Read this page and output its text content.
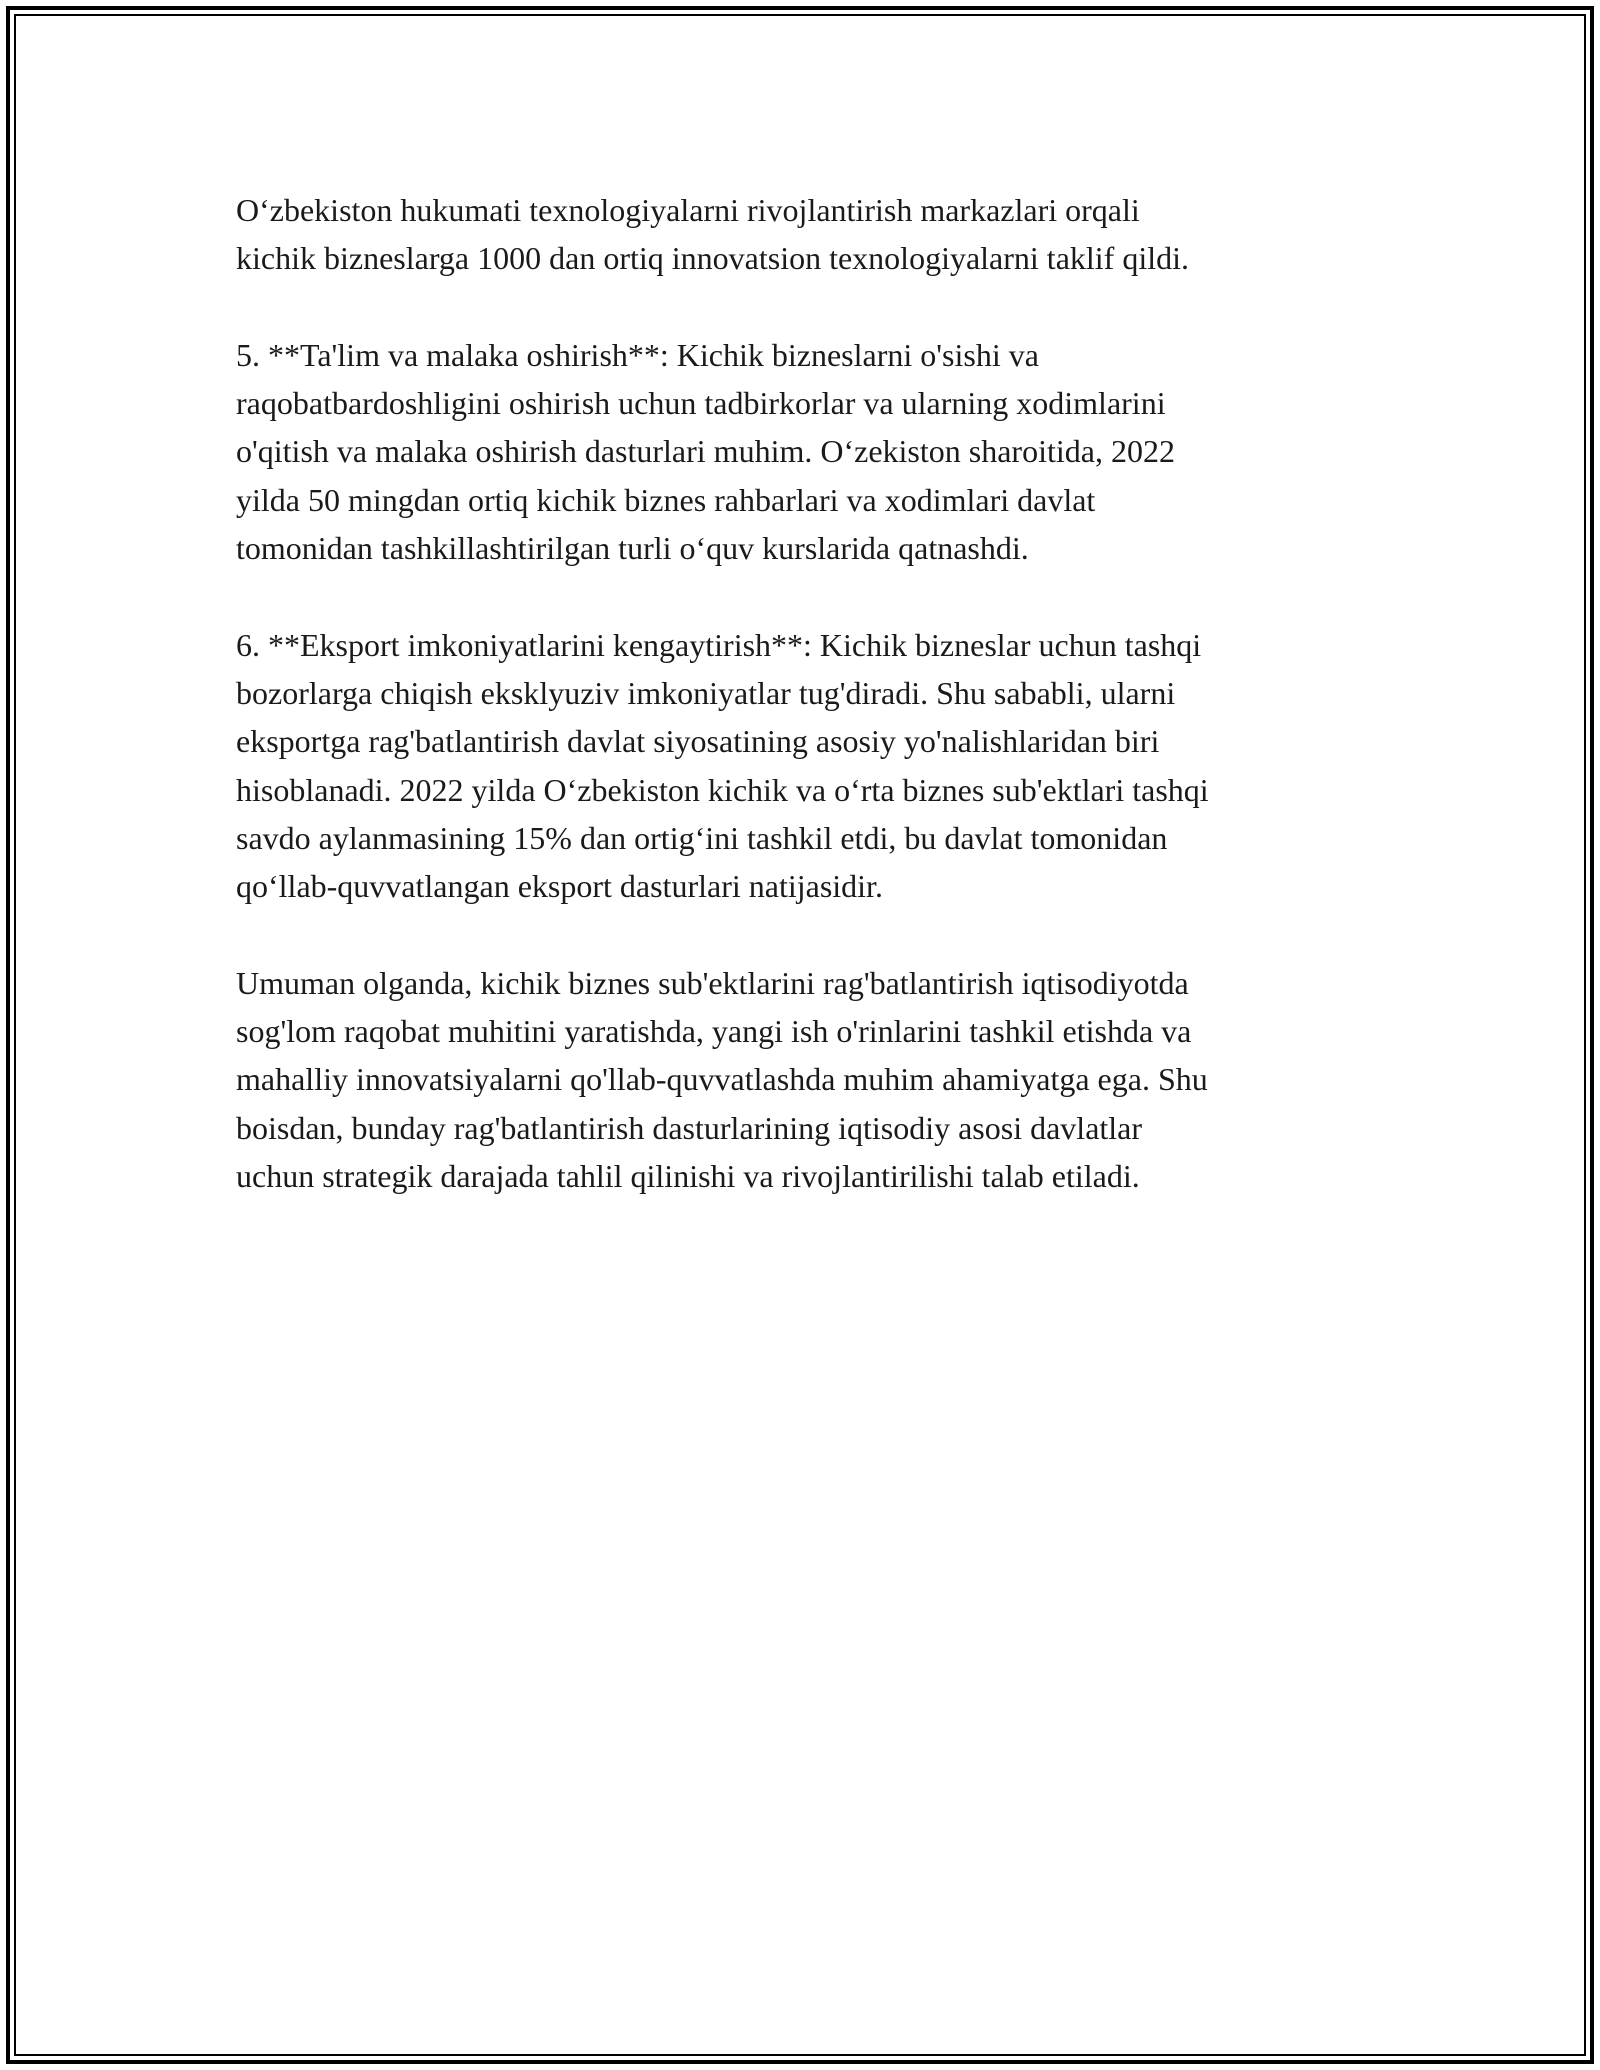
O‘zbekiston hukumati texnologiyalarni rivojlantirish markazlari orqali
kichik bizneslarga 1000 dan ortiq innovatsion texnologiyalarni taklif qildi.

5. **Ta'lim va malaka oshirish**: Kichik bizneslarni o'sishi va
raqobatbardoshligini oshirish uchun tadbirkorlar va ularning xodimlarini
o'qitish va malaka oshirish dasturlari muhim. O‘zekiston sharoitida, 2022
yilda 50 mingdan ortiq kichik biznes rahbarlari va xodimlari davlat
tomonidan tashkillashtirilgan turli o‘quv kurslarida qatnashdi.

6. **Eksport imkoniyatlarini kengaytirish**: Kichik bizneslar uchun tashqi
bozorlarga chiqish eksklyuziv imkoniyatlar tug'diradi. Shu sababli, ularni
eksportga rag'batlantirish davlat siyosatining asosiy yo'nalishlaridan biri
hisoblanadi. 2022 yilda O‘zbekiston kichik va o‘rta biznes sub'ektlari tashqi
savdo aylanmasining 15% dan ortig‘ini tashkil etdi, bu davlat tomonidan
qo‘llab-quvvatlangan eksport dasturlari natijasidir.

Umuman olganda, kichik biznes sub'ektlarini rag'batlantirish iqtisodiyotda
sog'lom raqobat muhitini yaratishda, yangi ish o'rinlarini tashkil etishda va
mahalliy innovatsiyalarni qo'llab-quvvatlashda muhim ahamiyatga ega. Shu
boisdan, bunday rag'batlantirish dasturlarining iqtisodiy asosi davlatlar
uchun strategik darajada tahlil qilinishi va rivojlantirilishi talab etiladi.
